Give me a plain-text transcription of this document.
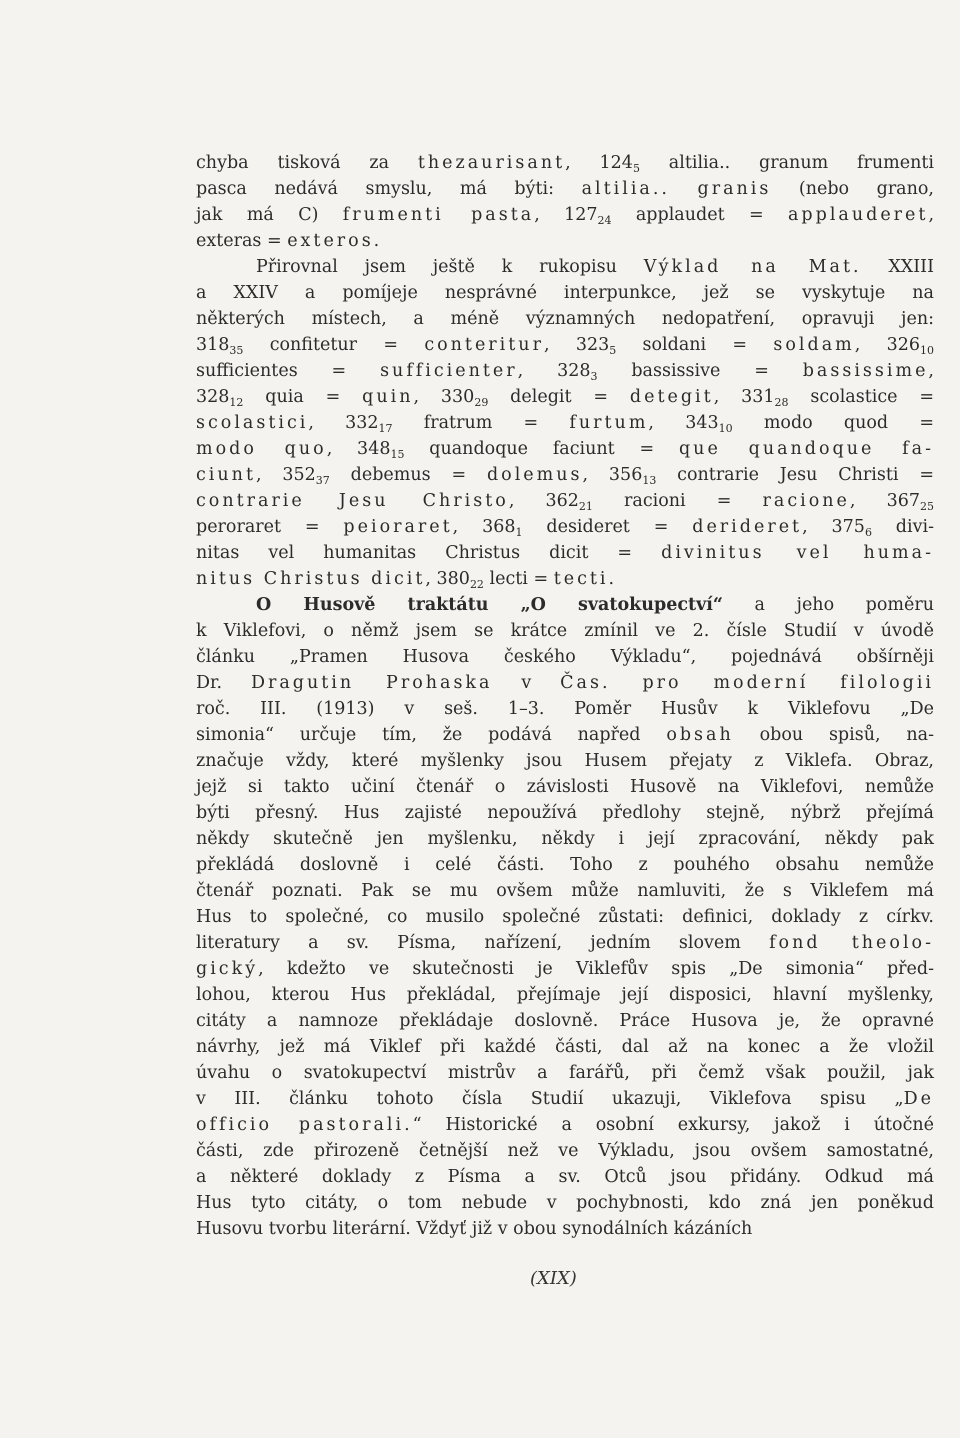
chyba tisková za thezaurisant, $124_5$ altilia.. granum frumenti
pasca nedává smyslu, má býti: altilia.. granis (nebo grano,
jak má C) frumenti pasta, $127_{24}$ applaudet = applauderet,
exteras = exteros.
Přirovnal jsem ještě k rukopisu Výklad na Mat. XXIII
a XXIV a pomíjeje nesprávné interpunkce, jež se vyskytuje na
některých místech, a méně významných nedopatření, opravuji jen:
$318_{35}$ confitetur = conteritur, $323_5$ soldani = soldam, $326_{10}$
sufficientes = sufficienter, $328_3$ bassissive = bassissime,
$328_{12}$ quia = quin, $330_{29}$ delegit = detegit, $331_{28}$ scolastice =
scolastici, $332_{17}$ fratrum = furtum, $343_{10}$ modo quod =
modo quo, $348_{15}$ quandoque faciunt = que quandoque fa-
ciunt, $352_{37}$ debemus = dolemus, $356_{13}$ contrarie Jesu Christi =
contrarie Jesu Christo, $362_{21}$ racioni = racione, $367_{25}$
peroraret = peioraret, $368_1$ desideret = derideret, $375_6$ divi-
nitas vel humanitas Christus dicit = divinitus vel huma-
nitus Christus dicit, $380_{22}$ lecti = tecti.
O Husově traktátu „O svatokupectví“ a jeho poměru
k Viklefovi, o němž jsem se krátce zmínil ve 2. čísle Studií v úvodě
článku „Pramen Husova českého Výkladu“, pojednává obšírněji
Dr. Dragutin Prohaska v Čas. pro moderní filologii
roč. III. (1913) v seš. 1–3. Poměr Husův k Viklefovu „De
simonia“ určuje tím, že podává napřed obsah obou spisů, na-
značuje vždy, které myšlenky jsou Husem přejaty z Viklefa. Obraz,
jejž si takto učiní čtenář o závislosti Husově na Viklefovi, nemůže
býti přesný. Hus zajisté nepoužívá předlohy stejně, nýbrž přejímá
někdy skutečně jen myšlenku, někdy i její zpracování, někdy pak
překládá doslovně i celé části. Toho z pouhého obsahu nemůže
čtenář poznati. Pak se mu ovšem může namluviti, že s Viklefem má
Hus to společné, co musilo společné zůstati: definici, doklady z církv.
literatury a sv. Písma, nařízení, jedním slovem fond theolo-
gický, kdežto ve skutečnosti je Viklefův spis „De simonia“ před-
lohou, kterou Hus překládal, přejímaje její disposici, hlavní myšlenky,
citáty a namnoze překládaje doslovně. Práce Husova je, že opravné
návrhy, jež má Viklef při každé části, dal až na konec a že vložil
úvahu o svatokupectví mistrův a farářů, při čemž však použil, jak
v III. článku tohoto čísla Studií ukazuji, Viklefova spisu „De
officio pastorali.“ Historické a osobní exkursy, jakož i útočné
části, zde přirozeně četnější než ve Výkladu, jsou ovšem samostatné,
a některé doklady z Písma a sv. Otců jsou přidány. Odkud má
Hus tyto citáty, o tom nebude v pochybnosti, kdo zná jen poněkud
Husovu tvorbu literární. Vždyť již v obou synodálních kázáních
(XIX)
